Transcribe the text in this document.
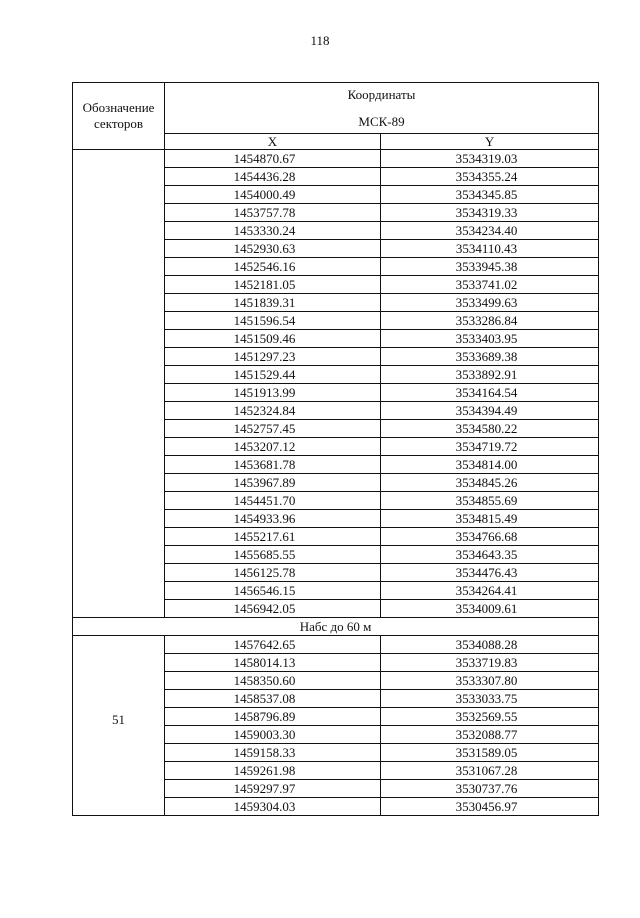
118
Обозначение секторов	Координаты
МСК-89	

	X	Y
	1454870.67	3534319.03
	1454436.28	3534355.24
	1454000.49	3534345.85
	1453757.78	3534319.33
	1453330.24	3534234.40
	1452930.63	3534110.43
	1452546.16	3533945.38
	1452181.05	3533741.02
	1451839.31	3533499.63
	1451596.54	3533286.84
	1451509.46	3533403.95
	1451297.23	3533689.38
	1451529.44	3533892.91
	1451913.99	3534164.54
	1452324.84	3534394.49
	1452757.45	3534580.22
	1453207.12	3534719.72
	1453681.78	3534814.00
	1453967.89	3534845.26
	1454451.70	3534855.69
	1454933.96	3534815.49
	1455217.61	3534766.68
	1455685.55	3534643.35
	1456125.78	3534476.43
	1456546.15	3534264.41
	1456942.05	3534009.61
Набс до 60 м		
51	1457642.65	3534088.28
	1458014.13	3533719.83
	1458350.60	3533307.80
	1458537.08	3533033.75
	1458796.89	3532569.55
	1459003.30	3532088.77
	1459158.33	3531589.05
	1459261.98	3531067.28
	1459297.97	3530737.76
	1459304.03	3530456.97
